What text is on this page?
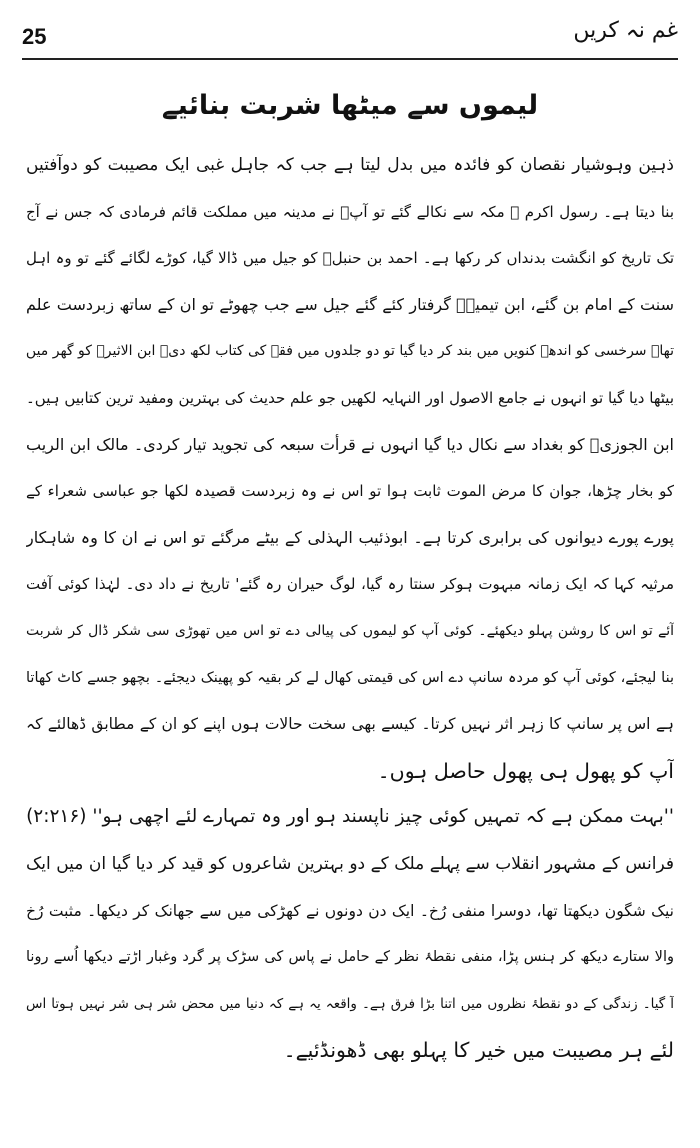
25	غم نہ کریں
لیموں سے میٹھا شربت بنائیے
ذہین وہوشیار نقصان کو فائدہ میں بدل لیتا ہے جب کہ جاہل غبی ایک مصیبت کو دوآفتیں
بنا دیتا ہے۔ رسول اکرم ﷺ مکہ سے نکالے گئے تو آپؐ نے مدینہ میں مملکت قائم فرمادی کہ جس نے آج
تک تاریخ کو انگشت بدنداں کر رکھا ہے۔ احمد بن حنبلؒ کو جیل میں ڈالا گیا، کوڑے لگائے گئے تو وہ اہل
سنت کے امام بن گئے، ابن تیمیہؒ گرفتار کئے گئے جیل سے جب چھوٹے تو ان کے ساتھ زبردست علم
تھا۔ سرخسی کو اندھے کنویں میں بند کر دیا گیا تو دو جلدوں میں فقہ کی کتاب لکھ دی۔ ابن الاثیرؒ کو گھر میں
بیٹھا دیا گیا تو انہوں نے جامع الاصول اور النہایہ لکھیں جو علم حدیث کی بہترین ومفید ترین کتابیں ہیں۔
ابن الجوزیؒ کو بغداد سے نکال دیا گیا انہوں نے قرأت سبعہ کی تجوید تیار کردی۔ مالک ابن الریب
کو بخار چڑھا، جوان کا مرض الموت ثابت ہوا تو اس نے وہ زبردست قصیدہ لکھا جو عباسی شعراء کے
پورے پورے دیوانوں کی برابری کرتا ہے۔ ابوذئیب الہذلی کے بیٹے مرگئے تو اس نے ان کا وہ شاہکار
مرثیہ کہا کہ ایک زمانہ مبہوت ہوکر سنتا رہ گیا، لوگ حیران رہ گئے' تاریخ نے داد دی۔ لہٰذا کوئی آفت
آئے تو اس کا روشن پہلو دیکھئے۔ کوئی آپ کو لیموں کی پیالی دے تو اس میں تھوڑی سی شکر ڈال کر شربت
بنا لیجئے، کوئی آپ کو مردہ سانپ دے اس کی قیمتی کھال لے کر بقیہ کو پھینک دیجئے۔ بچھو جسے کاٹ کھاتا
ہے اس پر سانپ کا زہر اثر نہیں کرتا۔ کیسے بھی سخت حالات ہوں اپنے کو ان کے مطابق ڈھالئے کہ
آپ کو پھول ہی پھول حاصل ہوں۔
''بہت ممکن ہے کہ تمہیں کوئی چیز ناپسند ہو اور وہ تمہارے لئے اچھی ہو'' (۲:۲۱۶)
فرانس کے مشہور انقلاب سے پہلے ملک کے دو بہترین شاعروں کو قید کر دیا گیا ان میں ایک
نیک شگون دیکھتا تھا، دوسرا منفی رُخ۔ ایک دن دونوں نے کھڑکی میں سے جھانک کر دیکھا۔ مثبت رُخ
والا ستارے دیکھ کر ہنس پڑا، منفی نقطۂ نظر کے حامل نے پاس کی سڑک پر گرد وغبار اڑتے دیکھا اُسے رونا
آ گیا۔ زندگی کے دو نقطۂ نظروں میں اتنا بڑا فرق ہے۔ واقعہ یہ ہے کہ دنیا میں محض شر ہی شر نہیں ہوتا اس
لئے ہر مصیبت میں خیر کا پہلو بھی ڈھونڈئیے۔
